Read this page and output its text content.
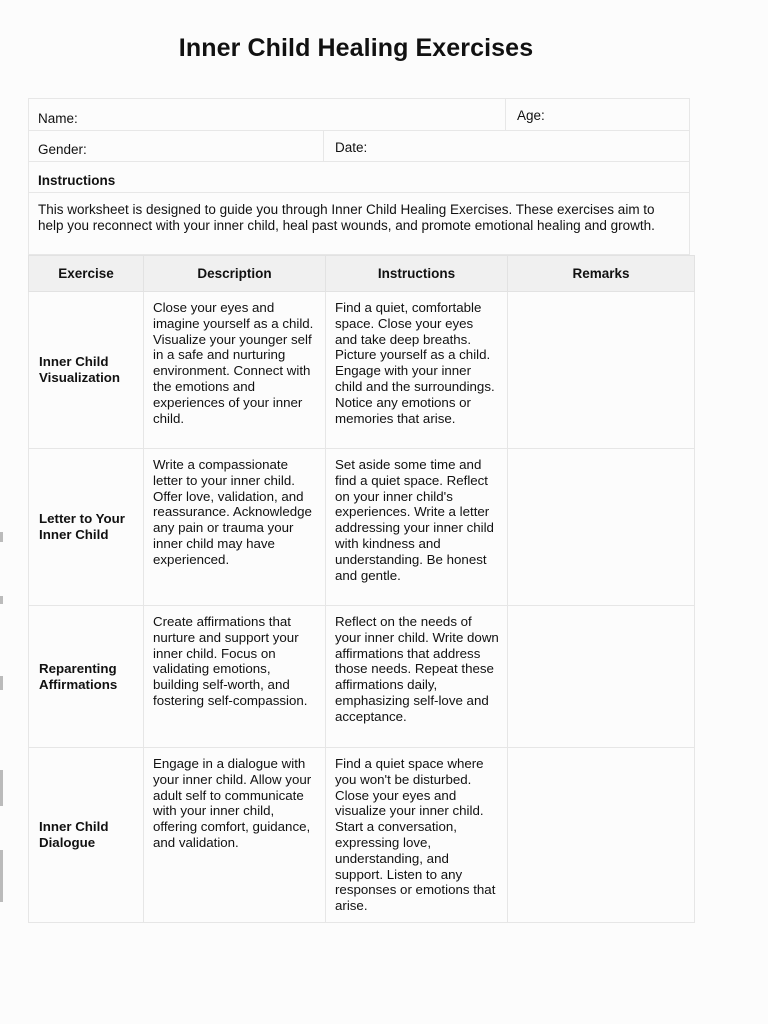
Inner Child Healing Exercises
Name:	Age:
Gender:	Date:
Instructions
This worksheet is designed to guide you through Inner Child Healing Exercises. These exercises aim to help you reconnect with your inner child, heal past wounds, and promote emotional healing and growth.
Exercise	Description	Instructions	Remarks
Inner Child Visualization	Close your eyes and imagine yourself as a child. Visualize your younger self in a safe and nurturing environment. Connect with the emotions and experiences of your inner child.	Find a quiet, comfortable space. Close your eyes and take deep breaths. Picture yourself as a child. Engage with your inner child and the surroundings. Notice any emotions or memories that arise.	
Letter to Your Inner Child	Write a compassionate letter to your inner child. Offer love, validation, and reassurance. Acknowledge any pain or trauma your inner child may have experienced.	Set aside some time and find a quiet space. Reflect on your inner child's experiences. Write a letter addressing your inner child with kindness and understanding. Be honest and gentle.	
Reparenting Affirmations	Create affirmations that nurture and support your inner child. Focus on validating emotions, building self-worth, and fostering self-compassion.	Reflect on the needs of your inner child. Write down affirmations that address those needs. Repeat these affirmations daily, emphasizing self-love and acceptance.	
Inner Child Dialogue	Engage in a dialogue with your inner child. Allow your adult self to communicate with your inner child, offering comfort, guidance, and validation.	Find a quiet space where you won't be disturbed. Close your eyes and visualize your inner child. Start a conversation, expressing love, understanding, and support. Listen to any responses or emotions that arise.	
